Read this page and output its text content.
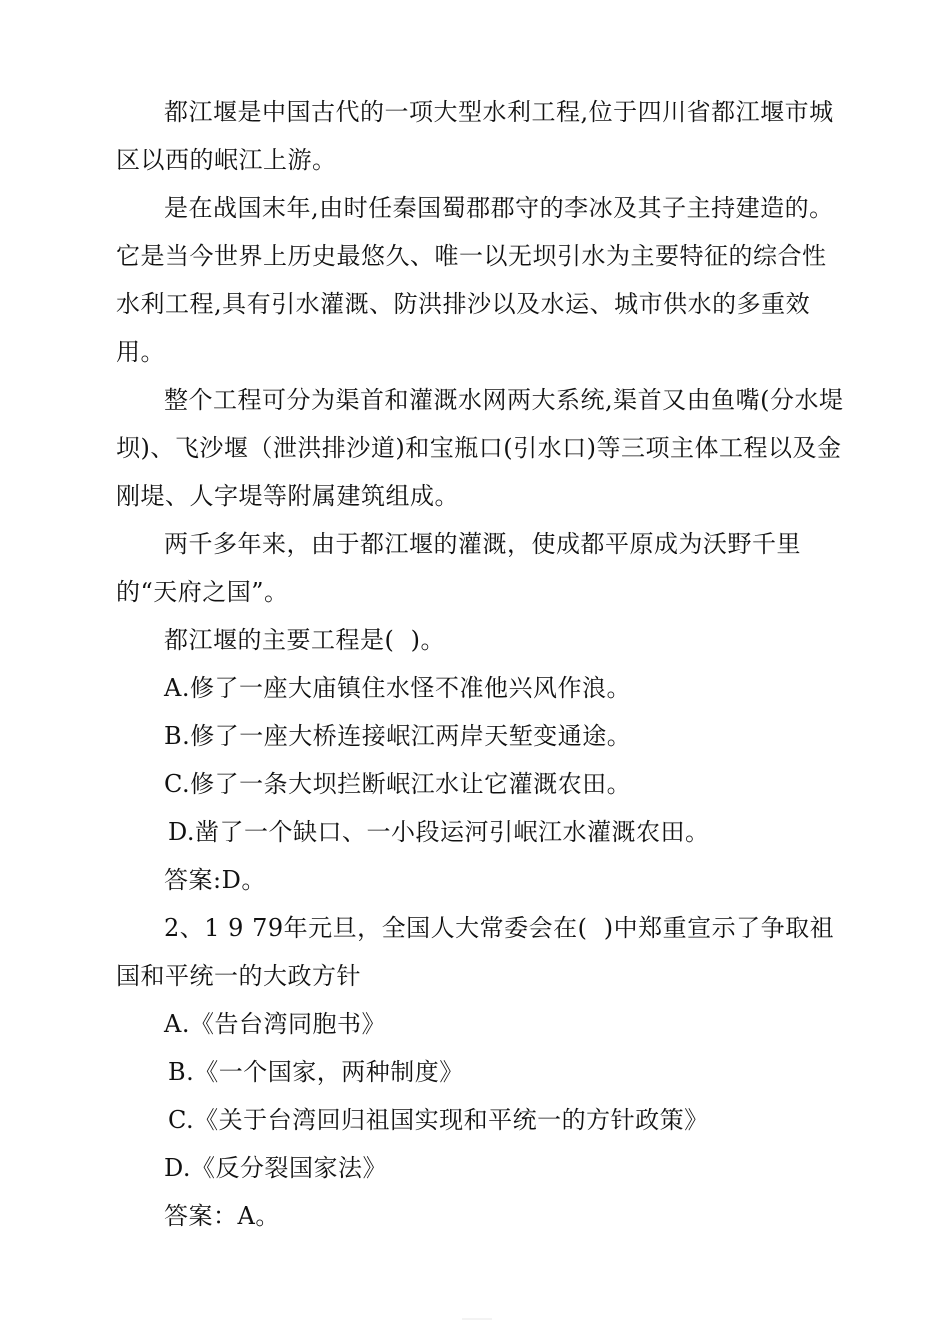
都江堰是中国古代的一项大型水利工程,位于四川省都江堰市城区以西的岷江上游。

是在战国末年,由时任秦国蜀郡郡守的李冰及其子主持建造的。它是当今世界上历史最悠久、唯一以无坝引水为主要特征的综合性水利工程,具有引水灌溉、防洪排沙以及水运、城市供水的多重效用。

整个工程可分为渠首和灌溉水网两大系统,渠首又由鱼嘴(分水堤坝)、飞沙堰（泄洪排沙道)和宝瓶口(引水口)等三项主体工程以及金刚堤、人字堤等附属建筑组成。

两千多年来，由于都江堰的灌溉，使成都平原成为沃野千里的“天府之国”。

都江堰的主要工程是(  )。

A.修了一座大庙镇住水怪不准他兴风作浪。

B.修了一座大桥连接岷江两岸天堑变通途。

C.修了一条大坝拦断岷江水让它灌溉农田。

D.凿了一个缺口、一小段运河引岷江水灌溉农田。

答案:D。

2、1 9 79年元旦，全国人大常委会在(  )中郑重宣示了争取祖国和平统一的大政方针

A.《告台湾同胞书》

B.《一个国家，两种制度》

C.《关于台湾回归祖国实现和平统一的方针政策》

D.《反分裂国家法》

答案：A。
